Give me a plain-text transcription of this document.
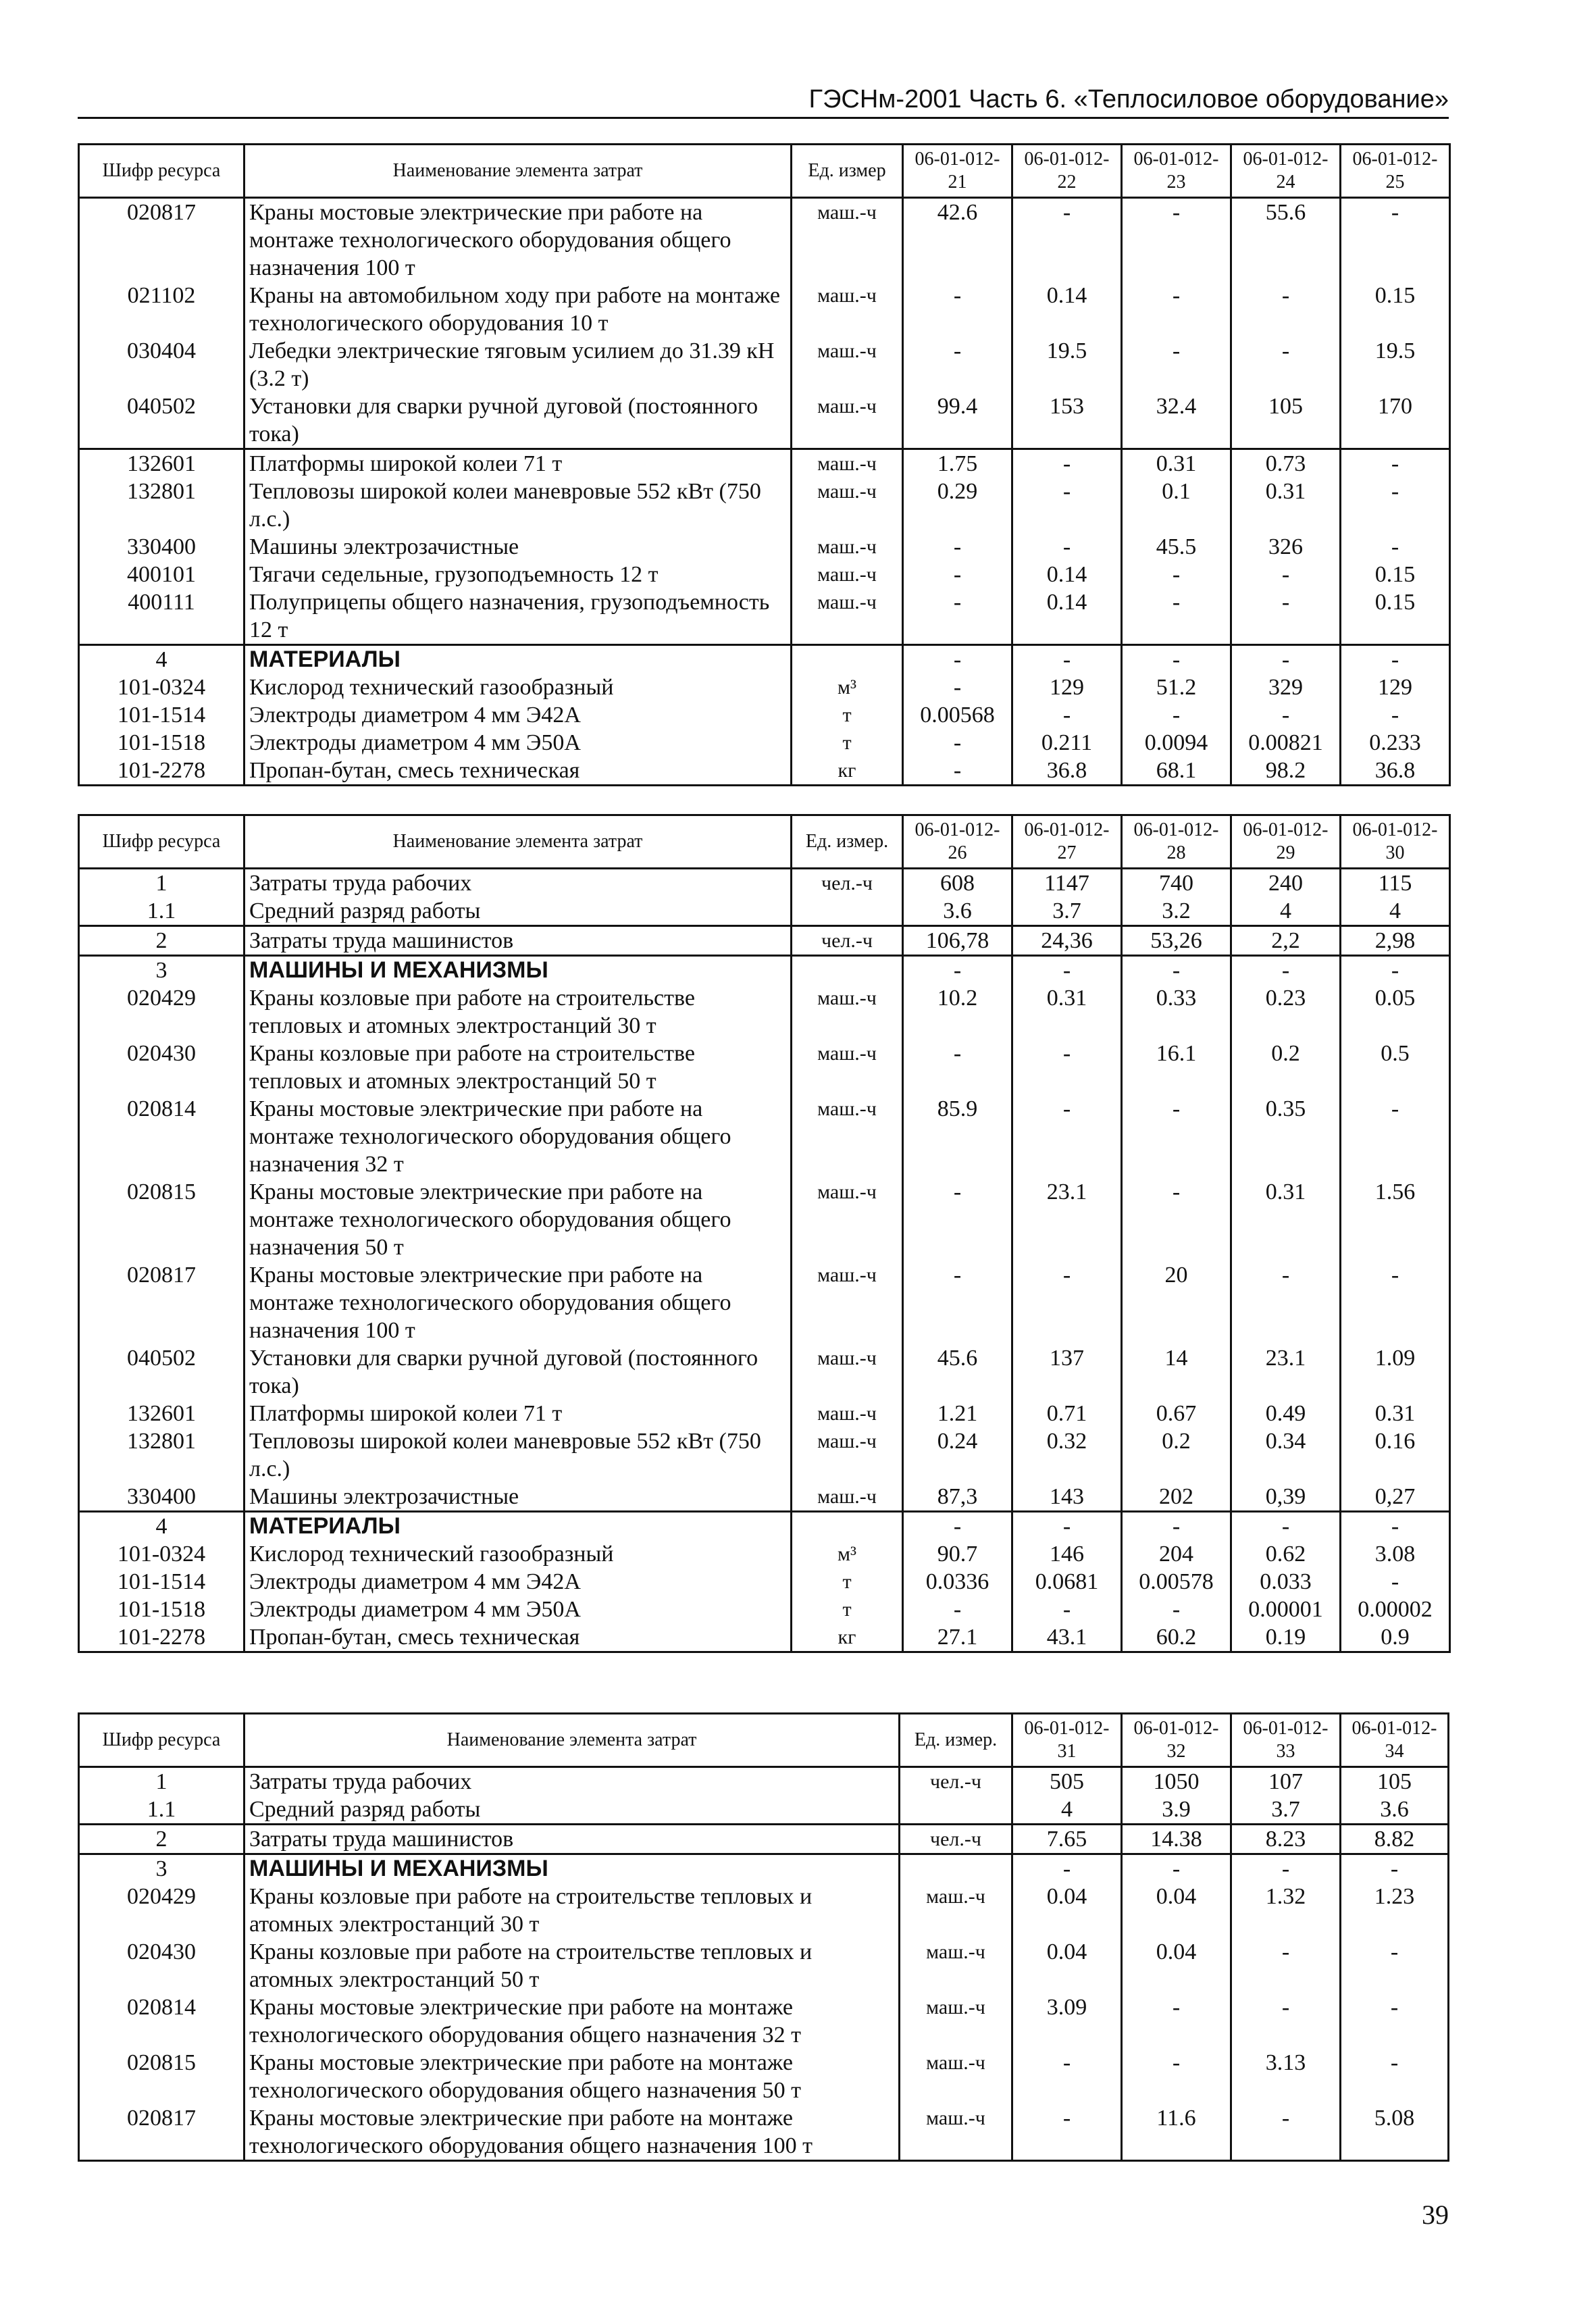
ГЭСНм-2001 Часть 6. «Теплосиловое оборудование»
Шифр ресурса	Наименование элемента затрат	Ед. измер	06-01-012-21	06-01-012-22	06-01-012-23	06-01-012-24	06-01-012-25
020817	Краны мостовые электрические при работе на монтаже технологического оборудования общего назначения 100 т	маш.-ч	42.6	-	-	55.6	-
021102	Краны на автомобильном ходу при работе на монтаже технологического оборудования 10 т	маш.-ч	-	0.14	-	-	0.15
030404	Лебедки электрические тяговым усилием до 31.39 кН (3.2 т)	маш.-ч	-	19.5	-	-	19.5
040502	Установки для сварки ручной дуговой (постоянного тока)	маш.-ч	99.4	153	32.4	105	170
132601	Платформы широкой колеи 71 т	маш.-ч	1.75	-	0.31	0.73	-
132801	Тепловозы широкой колеи маневровые 552 кВт (750 л.с.)	маш.-ч	0.29	-	0.1	0.31	-
330400	Машины электрозачистные	маш.-ч	-	-	45.5	326	-
400101	Тягачи седельные, грузоподъемность 12 т	маш.-ч	-	0.14	-	-	0.15
400111	Полуприцепы общего назначения, грузоподъемность 12 т	маш.-ч	-	0.14	-	-	0.15
4	МАТЕРИАЛЫ		-	-	-	-	-
101-0324	Кислород технический газообразный	м³	-	129	51.2	329	129
101-1514	Электроды диаметром 4 мм Э42А	т	0.00568	-	-	-	-
101-1518	Электроды диаметром 4 мм Э50А	т	-	0.211	0.0094	0.00821	0.233
101-2278	Пропан-бутан, смесь техническая	кг	-	36.8	68.1	98.2	36.8
Шифр ресурса	Наименование элемента затрат	Ед. измер.	06-01-012-26	06-01-012-27	06-01-012-28	06-01-012-29	06-01-012-30
1	Затраты труда рабочих	чел.-ч	608	1147	740	240	115
1.1	Средний разряд работы		3.6	3.7	3.2	4	4
2	Затраты труда машинистов	чел.-ч	106,78	24,36	53,26	2,2	2,98
3	МАШИНЫ И МЕХАНИЗМЫ		-	-	-	-	-
020429	Краны козловые при работе на строительстве тепловых и атомных электростанций 30 т	маш.-ч	10.2	0.31	0.33	0.23	0.05
020430	Краны козловые при работе на строительстве тепловых и атомных электростанций 50 т	маш.-ч	-	-	16.1	0.2	0.5
020814	Краны мостовые электрические при работе на монтаже технологического оборудования общего назначения 32 т	маш.-ч	85.9	-	-	0.35	-
020815	Краны мостовые электрические при работе на монтаже технологического оборудования общего назначения 50 т	маш.-ч	-	23.1	-	0.31	1.56
020817	Краны мостовые электрические при работе на монтаже технологического оборудования общего назначения 100 т	маш.-ч	-	-	20	-	-
040502	Установки для сварки ручной дуговой (постоянного тока)	маш.-ч	45.6	137	14	23.1	1.09
132601	Платформы широкой колеи 71 т	маш.-ч	1.21	0.71	0.67	0.49	0.31
132801	Тепловозы широкой колеи маневровые 552 кВт (750 л.с.)	маш.-ч	0.24	0.32	0.2	0.34	0.16
330400	Машины электрозачистные	маш.-ч	87,3	143	202	0,39	0,27
4	МАТЕРИАЛЫ		-	-	-	-	-
101-0324	Кислород технический газообразный	м³	90.7	146	204	0.62	3.08
101-1514	Электроды диаметром 4 мм Э42А	т	0.0336	0.0681	0.00578	0.033	-
101-1518	Электроды диаметром 4 мм Э50А	т	-	-	-	0.00001	0.00002
101-2278	Пропан-бутан, смесь техническая	кг	27.1	43.1	60.2	0.19	0.9
Шифр ресурса	Наименование элемента затрат	Ед. измер.	06-01-012-31	06-01-012-32	06-01-012-33	06-01-012-34
1	Затраты труда рабочих	чел.-ч	505	1050	107	105
1.1	Средний разряд работы		4	3.9	3.7	3.6
2	Затраты труда машинистов	чел.-ч	7.65	14.38	8.23	8.82
3	МАШИНЫ И МЕХАНИЗМЫ		-	-	-	-
020429	Краны козловые при работе на строительстве тепловых и атомных электростанций 30 т	маш.-ч	0.04	0.04	1.32	1.23
020430	Краны козловые при работе на строительстве тепловых и атомных электростанций 50 т	маш.-ч	0.04	0.04	-	-
020814	Краны мостовые электрические при работе на монтаже технологического оборудования общего назначения 32 т	маш.-ч	3.09	-	-	-
020815	Краны мостовые электрические при работе на монтаже технологического оборудования общего назначения 50 т	маш.-ч	-	-	3.13	-
020817	Краны мостовые электрические при работе на монтаже технологического оборудования общего назначения 100 т	маш.-ч	-	11.6	-	5.08
39
